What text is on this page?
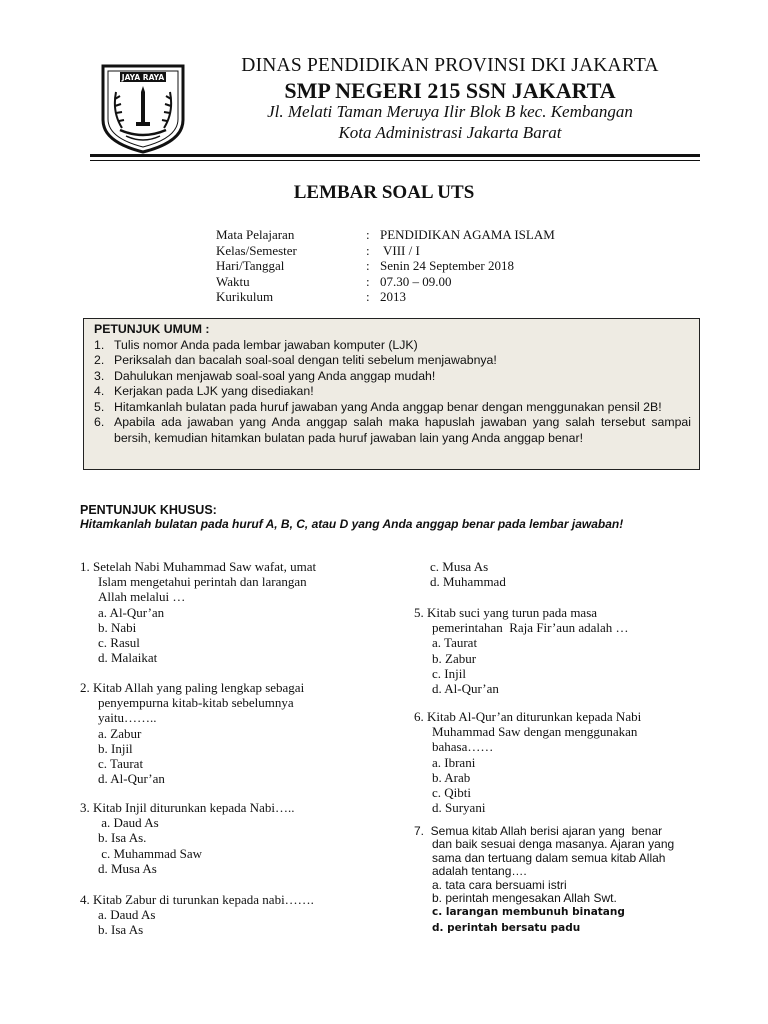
JAYA RAYA
DINAS PENDIDIKAN PROVINSI DKI JAKARTA
SMP NEGERI 215 SSN JAKARTA
Jl. Melati Taman Meruya Ilir Blok B kec. Kembangan
Kota Administrasi Jakarta Barat
LEMBAR SOAL UTS
Mata Pelajaran	: PENDIDIKAN AGAMA ISLAM
Kelas/Semester	: VIII / I
Hari/Tanggal	: Senin 24 September 2018
Waktu	: 07.30 – 09.00
Kurikulum	: 2013
PETUNJUK UMUM :
1. Tulis nomor Anda pada lembar jawaban komputer (LJK)
2. Periksalah dan bacalah soal-soal dengan teliti sebelum menjawabnya!
3. Dahulukan menjawab soal-soal yang Anda anggap mudah!
4. Kerjakan pada LJK yang disediakan!
5. Hitamkanlah bulatan pada huruf jawaban yang Anda anggap benar dengan menggunakan pensil 2B!
6. Apabila ada jawaban yang Anda anggap salah maka hapuslah jawaban yang salah tersebut sampai bersih, kemudian hitamkan bulatan pada huruf jawaban lain yang Anda anggap benar!
PENTUNJUK KHUSUS:
Hitamkanlah bulatan pada huruf A, B, C, atau D yang Anda anggap benar pada lembar jawaban!
1. Setelah Nabi Muhammad Saw wafat, umat
Islam mengetahui perintah dan larangan
Allah melalui …
a. Al-Qur’an
b. Nabi
c. Rasul
d. Malaikat
2. Kitab Allah yang paling lengkap sebagai
penyempurna kitab-kitab sebelumnya
yaitu……..
a. Zabur
b. Injil
c. Taurat
d. Al-Qur’an
3. Kitab Injil diturunkan kepada Nabi…..
a. Daud As
b. Isa As.
c. Muhammad Saw
d. Musa As
4. Kitab Zabur di turunkan kepada nabi…….
a. Daud As
b. Isa As
c. Musa As
d. Muhammad
5. Kitab suci yang turun pada masa
pemerintahan  Raja Fir’aun adalah …
a. Taurat
b. Zabur
c. Injil
d. Al-Qur’an
6. Kitab Al-Qur’an diturunkan kepada Nabi
Muhammad Saw dengan menggunakan
bahasa……
a. Ibrani
b. Arab
c. Qibti
d. Suryani
7.  Semua kitab Allah berisi ajaran yang  benar
dan baik sesuai denga masanya. Ajaran yang
sama dan tertuang dalam semua kitab Allah
adalah tentang….
a. tata cara bersuami istri
b. perintah mengesakan Allah Swt.
c. larangan membunuh binatang
d. perintah bersatu padu
